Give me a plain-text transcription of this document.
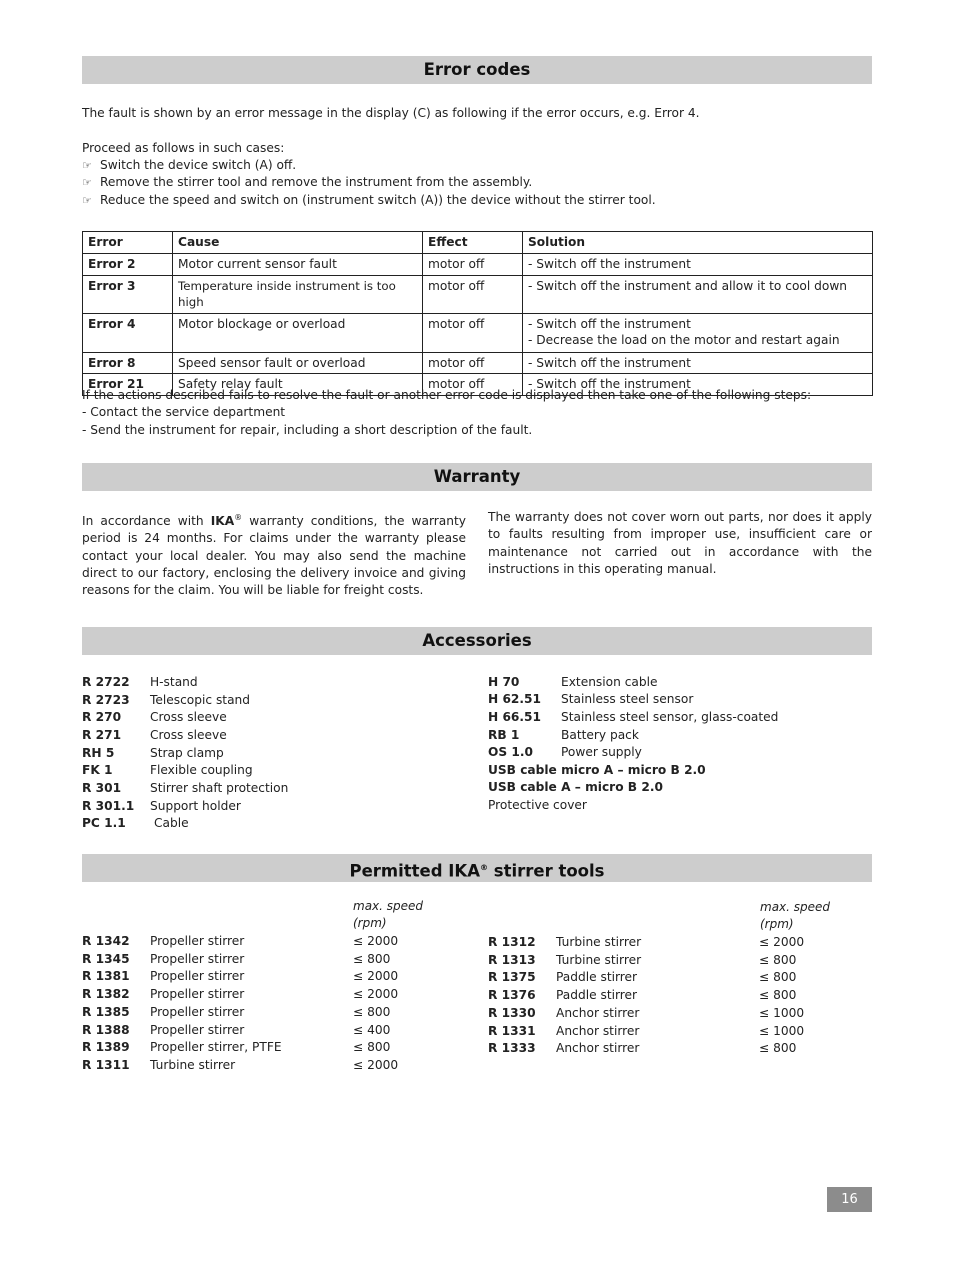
Error codes
The fault is shown by an error message in the display (C) as following if the error occurs, e.g. Error 4.
Proceed as follows in such cases:
☞ Switch the device switch (A) off.
☞ Remove the stirrer tool and remove the instrument from the assembly.
☞ Reduce the speed and switch on (instrument switch (A)) the device without the stirrer tool.
Error	Cause	Effect	Solution
Error 2	Motor current sensor fault	motor off	- Switch off the instrument
Error 3	Temperature inside instrument is too high	motor off	- Switch off the instrument and allow it to cool down
Error 4	Motor blockage or overload	motor off	- Switch off the instrument
- Decrease the load on the motor and restart again

Error 8	Speed sensor fault or overload	motor off	- Switch off the instrument
Error 21	Safety relay fault	motor off	- Switch off the instrument
If the actions described fails to resolve the fault or another error code is displayed then take one of the following steps:
- Contact the service department
- Send the instrument for repair, including a short description of the fault.
Warranty
In accordance with IKA® warranty conditions, the warranty period is 24 months. For claims under the warranty please contact your local dealer. You may also send the machine direct to our factory, enclosing the delivery invoice and giving reasons for the claim. You will be liable for freight costs.
The warranty does not cover worn out parts, nor does it apply to faults resulting from improper use, insufficient care or maintenance not carried out in accordance with the instructions in this operating manual.
Accessories
R 2722 H-stand
R 2723 Telescopic stand
R 270 Cross sleeve
R 271 Cross sleeve
RH 5	Strap clamp
FK 1	Flexible coupling
R 301 Stirrer shaft protection
R 301.1 Support holder
PC 1.1 Cable
H 70	Extension cable
H 62.51 Stainless steel sensor
H 66.51 Stainless steel sensor, glass-coated
RB 1	Battery pack
OS 1.0 Power supply
USB cable micro A – micro B 2.0
USB cable A – micro B 2.0
Protective cover
Permitted IKA® stirrer tools
max. speed
(rpm)
max. speed
(rpm)
R 1342 Propeller stirrer	≤ 2000
R 1345 Propeller stirrer	≤ 800
R 1381 Propeller stirrer	≤ 2000
R 1382 Propeller stirrer	≤ 2000
R 1385 Propeller stirrer	≤ 800
R 1388 Propeller stirrer	≤ 400
R 1389 Propeller stirrer, PTFE	≤ 800
R 1311 Turbine stirrer	≤ 2000
R 1312 Turbine stirrer	≤ 2000
R 1313 Turbine stirrer	≤ 800
R 1375 Paddle stirrer	≤ 800
R 1376 Paddle stirrer	≤ 800
R 1330 Anchor stirrer	≤ 1000
R 1331 Anchor stirrer	≤ 1000
R 1333 Anchor stirrer	≤ 800
16
